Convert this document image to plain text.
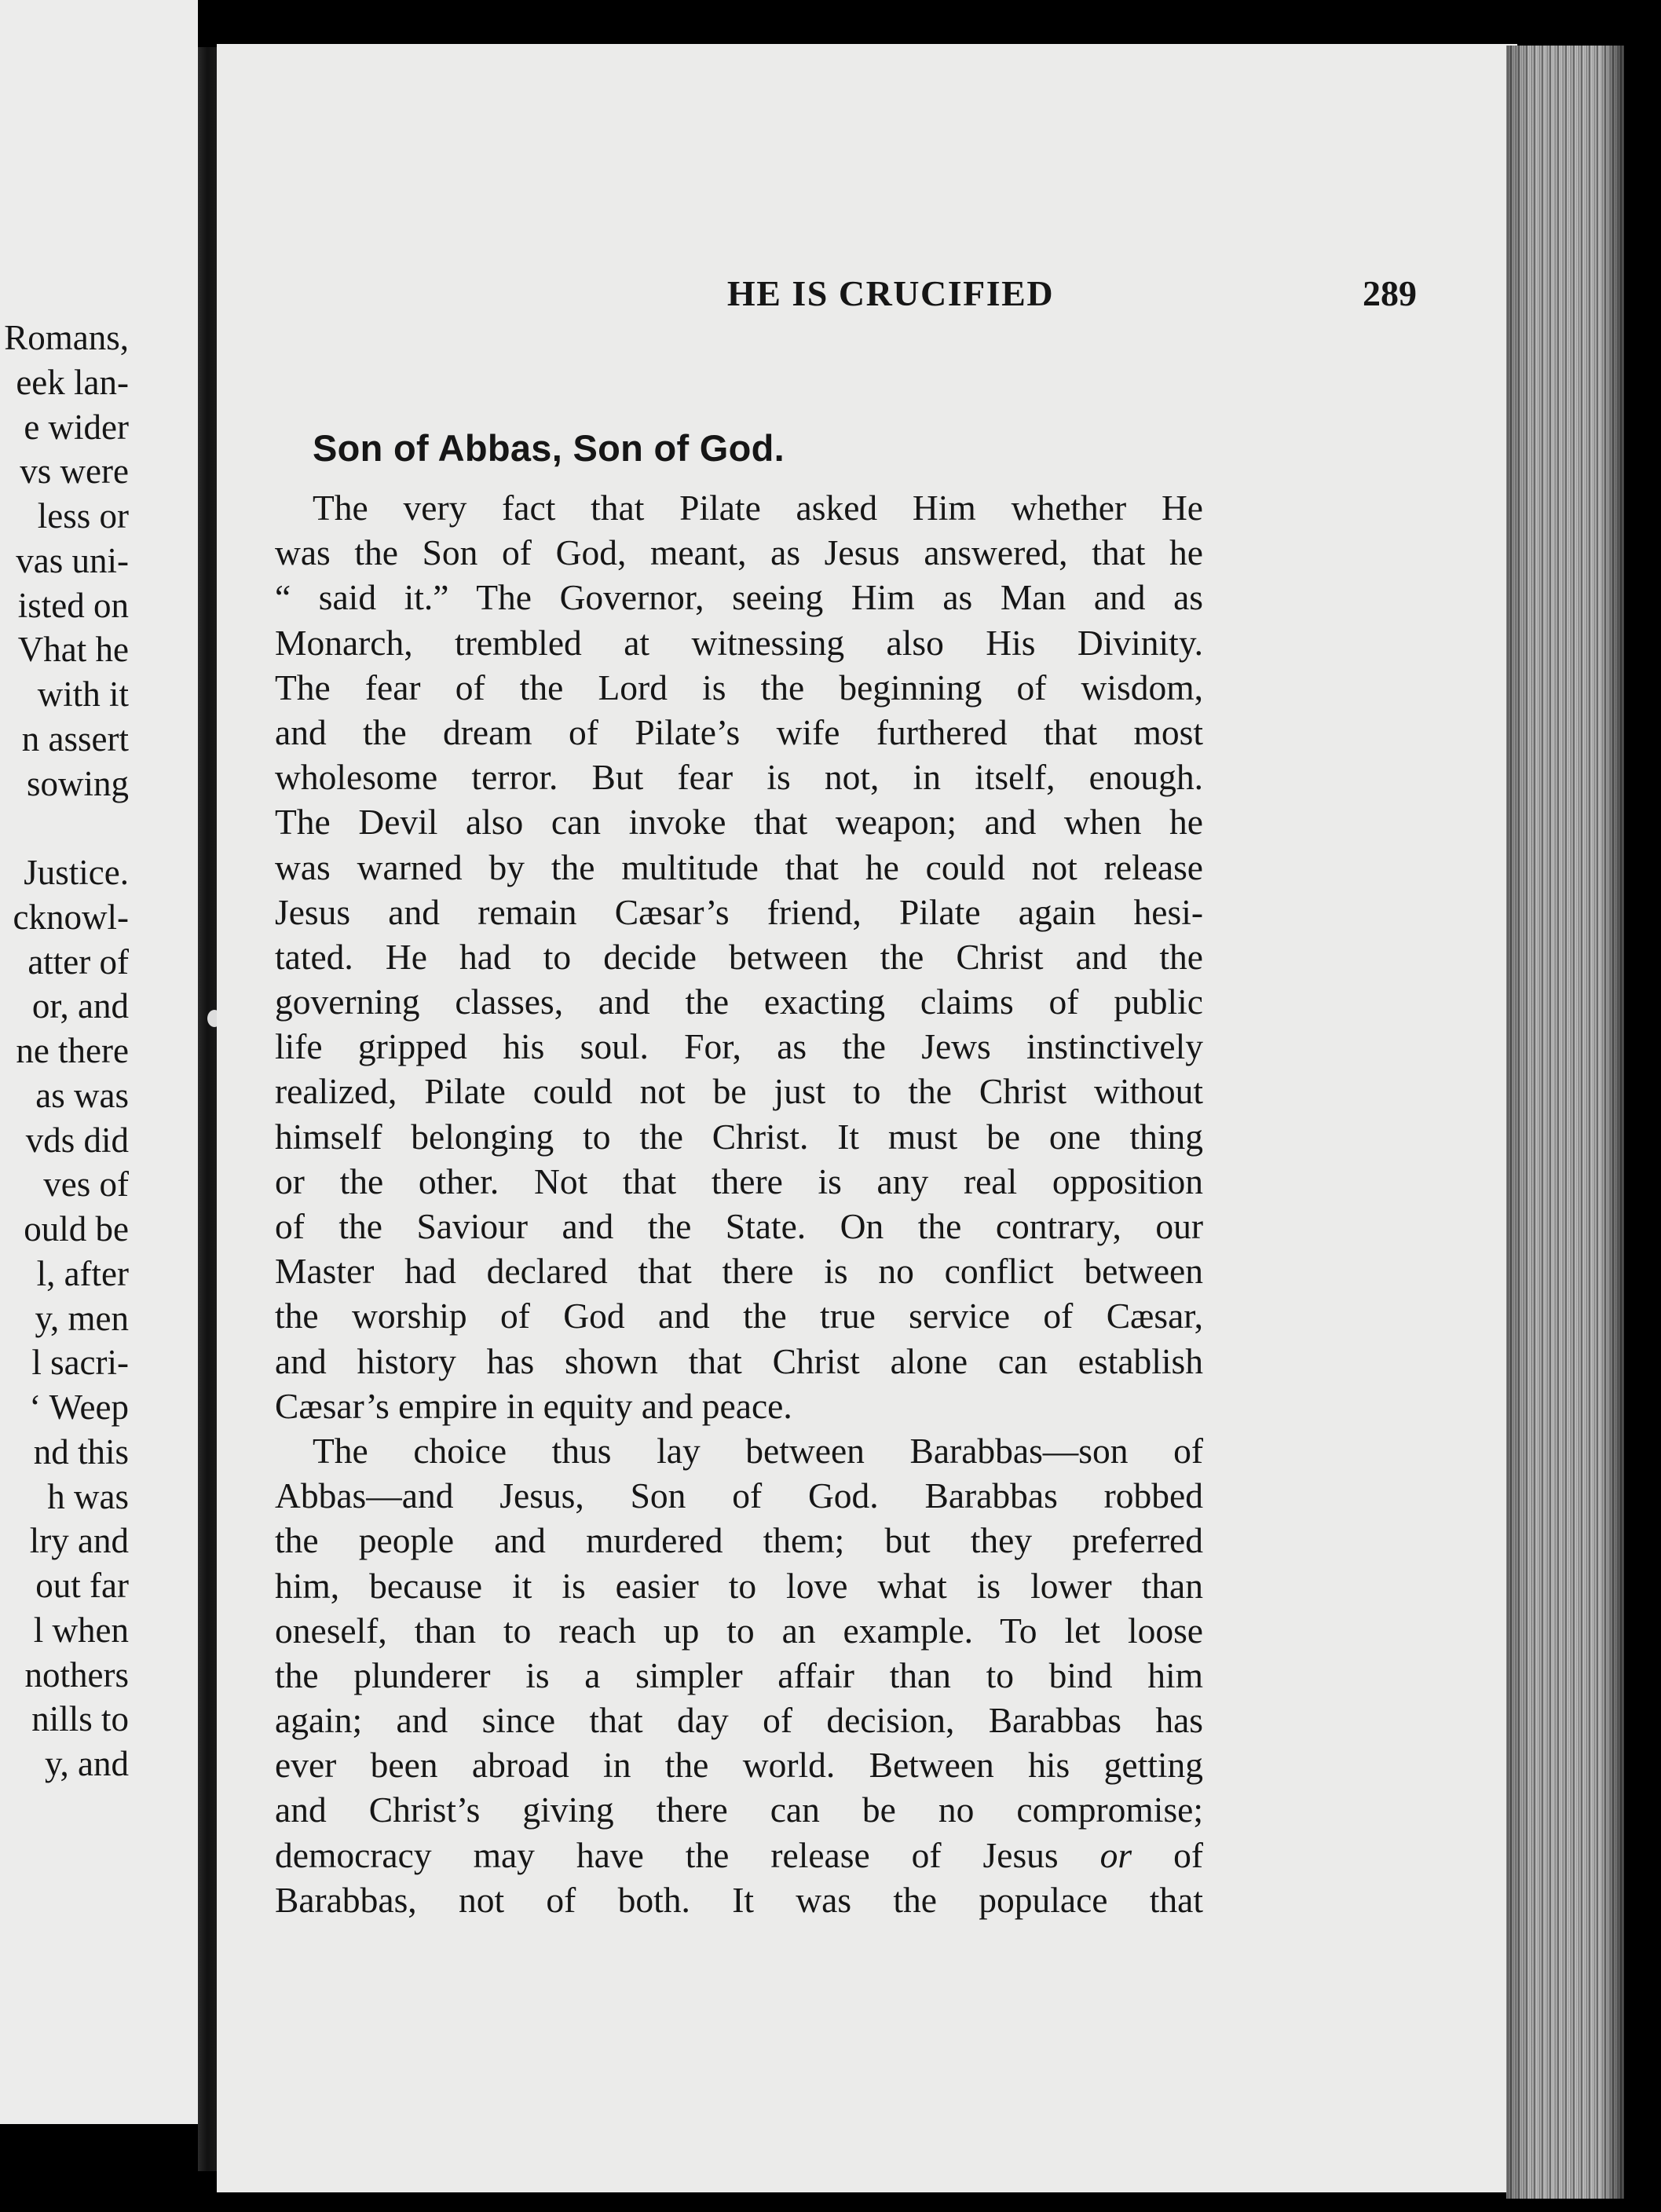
Romans,
eek lan-
e wider
vs were
less or
vas uni-
isted on
Vhat he
with it
n assert
sowing
Justice.
cknowl-
atter of
or, and
ne there
as was
vds did
ves of
ould be
l, after
y, men
l sacri-
‘ Weep
nd this
h was
lry and
out far
l when
nothers
nills to
y, and
HE IS CRUCIFIED	289
Son of Abbas, Son of God.
The very fact that Pilate asked Him whether He
was the Son of God, meant, as Jesus answered, that he
“ said it.” The Governor, seeing Him as Man and as
Monarch, trembled at witnessing also His Divinity.
The fear of the Lord is the beginning of wisdom,
and the dream of Pilate’s wife furthered that most
wholesome terror. But fear is not, in itself, enough.
The Devil also can invoke that weapon; and when he
was warned by the multitude that he could not release
Jesus and remain Cæsar’s friend, Pilate again hesi-
tated. He had to decide between the Christ and the
governing classes, and the exacting claims of public
life gripped his soul. For, as the Jews instinctively
realized, Pilate could not be just to the Christ without
himself belonging to the Christ. It must be one thing
or the other. Not that there is any real opposition
of the Saviour and the State. On the contrary, our
Master had declared that there is no conflict between
the worship of God and the true service of Cæsar,
and history has shown that Christ alone can establish
Cæsar’s empire in equity and peace.
The choice thus lay between Barabbas—son of
Abbas—and Jesus, Son of God. Barabbas robbed
the people and murdered them; but they preferred
him, because it is easier to love what is lower than
oneself, than to reach up to an example. To let loose
the plunderer is a simpler affair than to bind him
again; and since that day of decision, Barabbas has
ever been abroad in the world. Between his getting
and Christ’s giving there can be no compromise;
democracy may have the release of Jesus or of
Barabbas, not of both. It was the populace that
